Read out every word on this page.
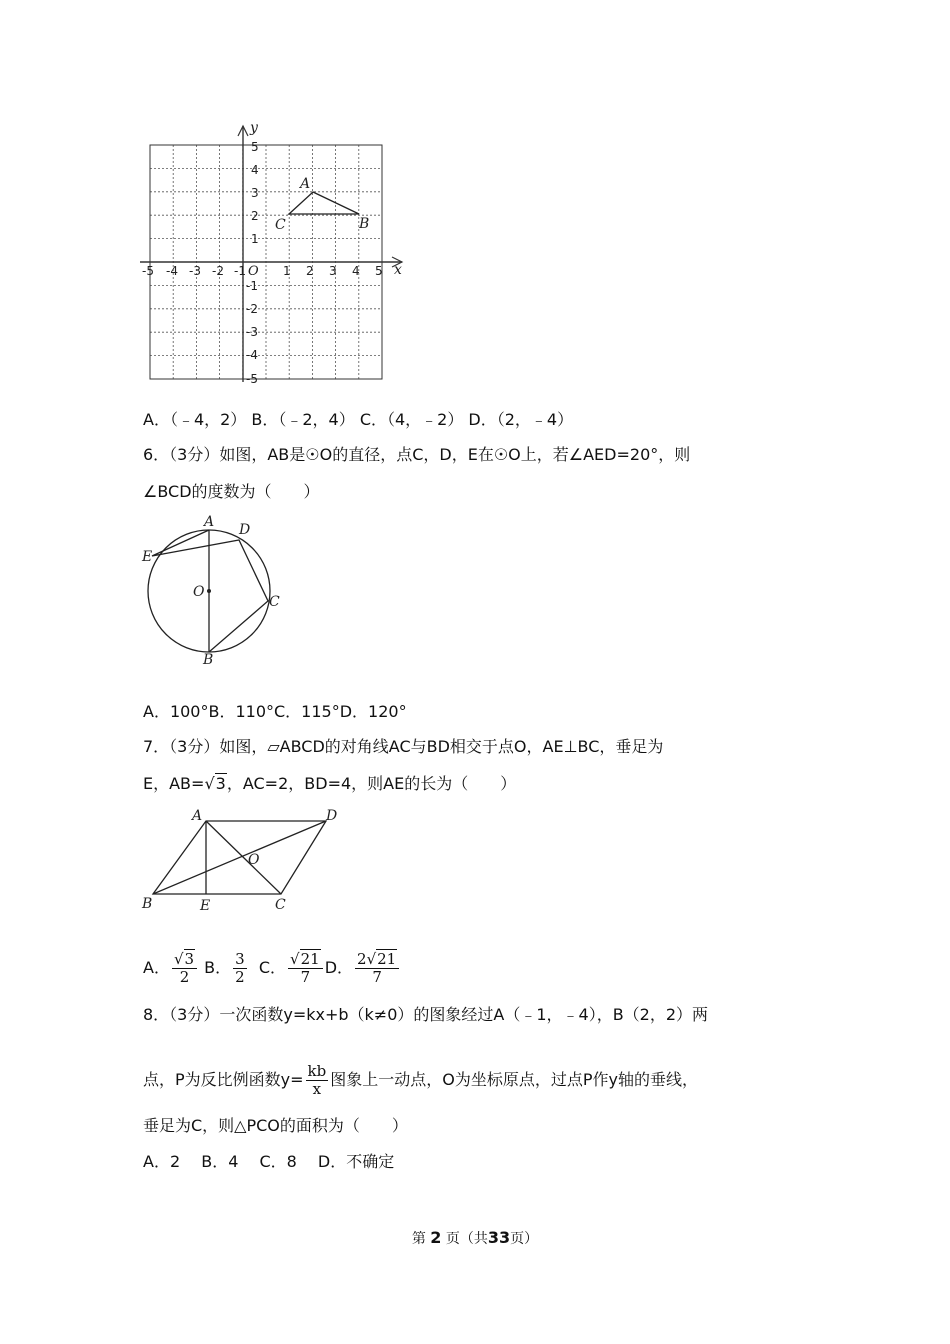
x
y
O
-5 -4 -3 -2 -1	1 2 3 4 5
5
4
3
2
1
-1
-2
-3
-4
-5
A
B
C
A．（﹣4，2） B．（﹣2，4） C．（4，﹣2） D．（2，﹣4）
6．（3分）如图，AB是☉O的直径，点C，D，E在☉O上，若∠AED=20°，则
∠BCD的度数为（　　）
A D
E
O
C
B
A．100°B．110°C．115°D．120°
7．（3分）如图，▱ABCD的对角线AC与BD相交于点O，AE⊥BC，垂足为
E，AB=√3，AC=2，BD=4，则AE的长为（　　）
A	D
O
B	E	C
A． $\frac{√3}{2}$ B． $\frac{3}{2}$ C． $\frac{√21}{7}$ D． $\frac{2√21}{7}$
8．（3分）一次函数y=kx+b（k≠0）的图象经过A（﹣1，﹣4），B（2，2）两
点，P为反比例函数$y= \frac{kb}{x}$ 图象上一动点，O为坐标原点，过点P作y轴的垂线，
垂足为C，则△PCO的面积为（　　）
A．2　 B．4　 C．8　 D．不确定
第 2 页（共33页）
